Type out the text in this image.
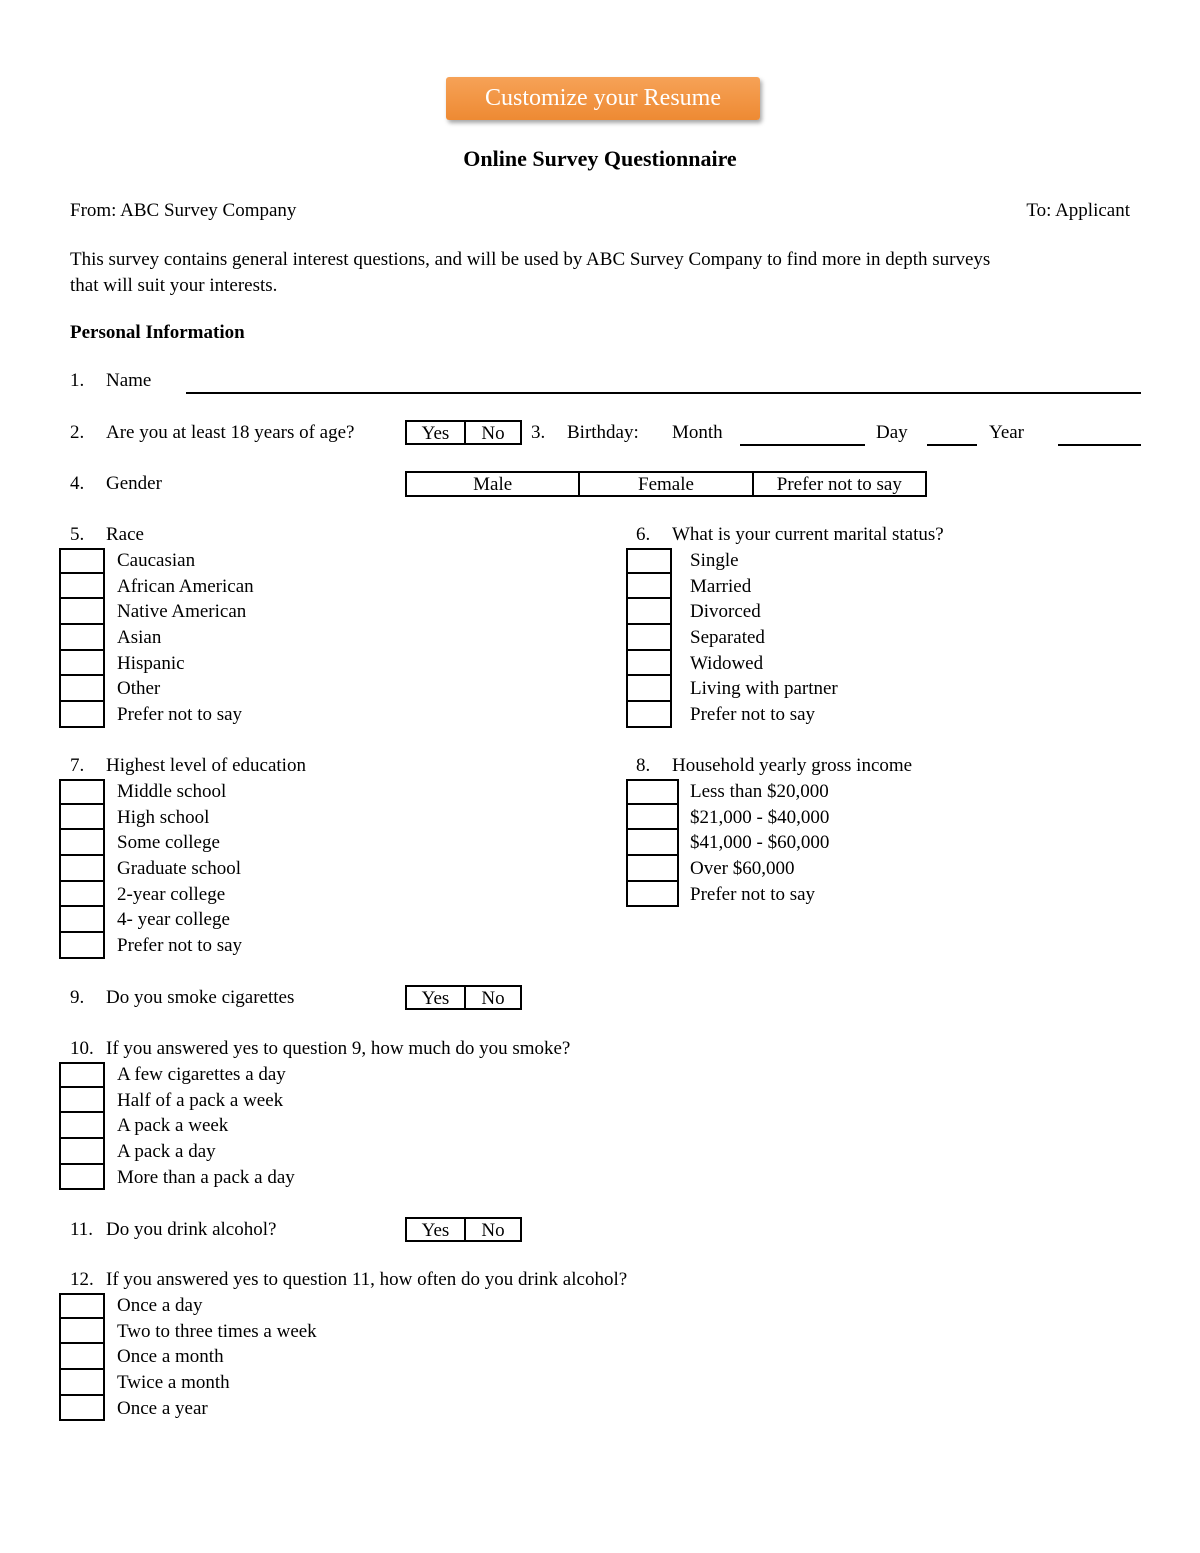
Customize your Resume
Online Survey Questionnaire
From: ABC Survey Company	To: Applicant
This survey contains general interest questions, and will be used by ABC Survey Company to find more in depth surveys
that will suit your interests.
Personal Information
1. Name
2. Are you at least 18 years of age?	Yes	No	3. Birthday: Month	Day	Year
4. Gender	Male	Female	Prefer not to say
5. Race
Caucasian
African American
Native American
Asian
Hispanic
Other
Prefer not to say
6. What is your current marital status?
Single
Married
Divorced
Separated
Widowed
Living with partner
Prefer not to say
7. Highest level of education
Middle school
High school
Some college
Graduate school
2-year college
4- year college
Prefer not to say
8. Household yearly gross income
Less than $20,000
$21,000 - $40,000
$41,000 - $60,000
Over $60,000
Prefer not to say
9. Do you smoke cigarettes	Yes	No
10. If you answered yes to question 9, how much do you smoke?
A few cigarettes a day
Half of a pack a week
A pack a week
A pack a day
More than a pack a day
11. Do you drink alcohol?	Yes	No
12. If you answered yes to question 11, how often do you drink alcohol?
Once a day
Two to three times a week
Once a month
Twice a month
Once a year
